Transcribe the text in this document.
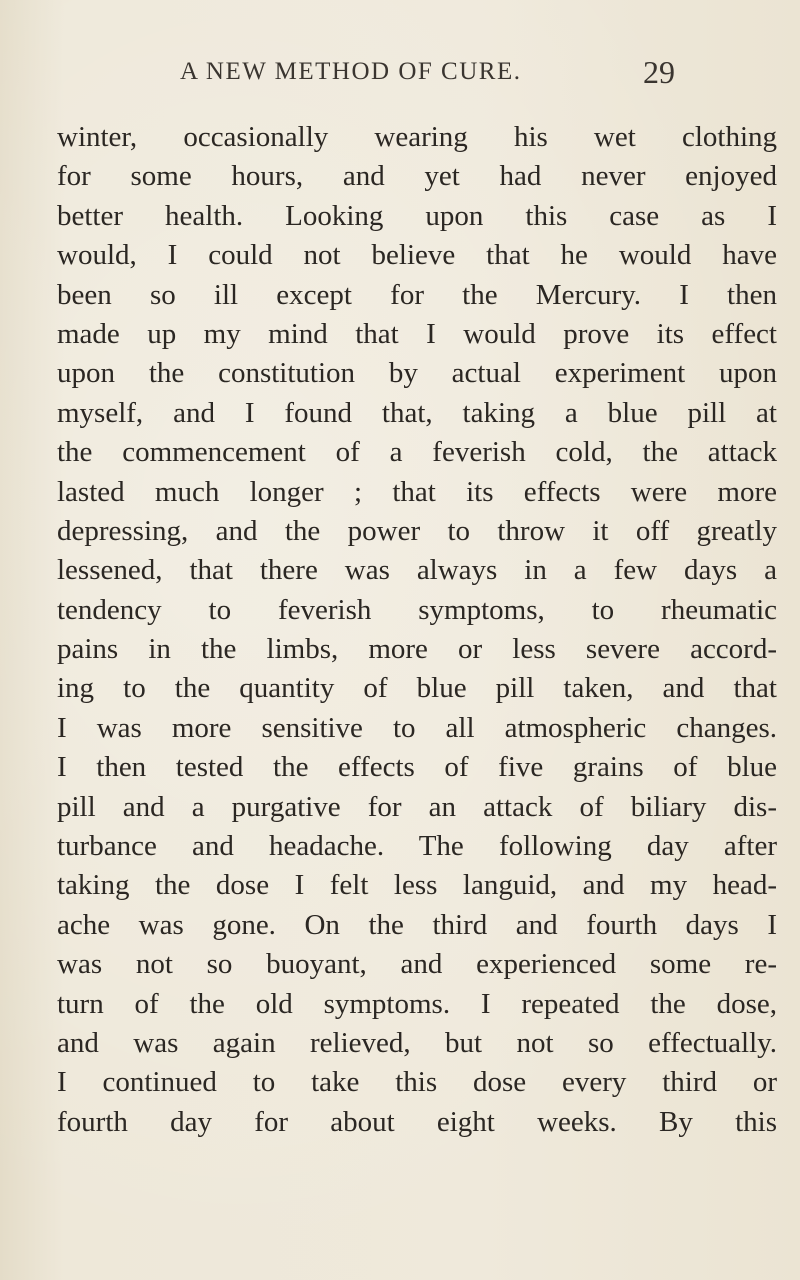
A NEW METHOD OF CURE.	29
winter, occasionally wearing his wet clothing
for some hours, and yet had never enjoyed
better health. Looking upon this case as I
would, I could not believe that he would have
been so ill except for the Mercury. I then
made up my mind that I would prove its effect
upon the constitution by actual experiment upon
myself, and I found that, taking a blue pill at
the commencement of a feverish cold, the attack
lasted much longer ; that its effects were more
depressing, and the power to throw it off greatly
lessened, that there was always in a few days a
tendency to feverish symptoms, to rheumatic
pains in the limbs, more or less severe accord-
ing to the quantity of blue pill taken, and that
I was more sensitive to all atmospheric changes.
I then tested the effects of five grains of blue
pill and a purgative for an attack of biliary dis-
turbance and headache. The following day after
taking the dose I felt less languid, and my head-
ache was gone. On the third and fourth days I
was not so buoyant, and experienced some re-
turn of the old symptoms. I repeated the dose,
and was again relieved, but not so effectually.
I continued to take this dose every third or
fourth day for about eight weeks. By this
